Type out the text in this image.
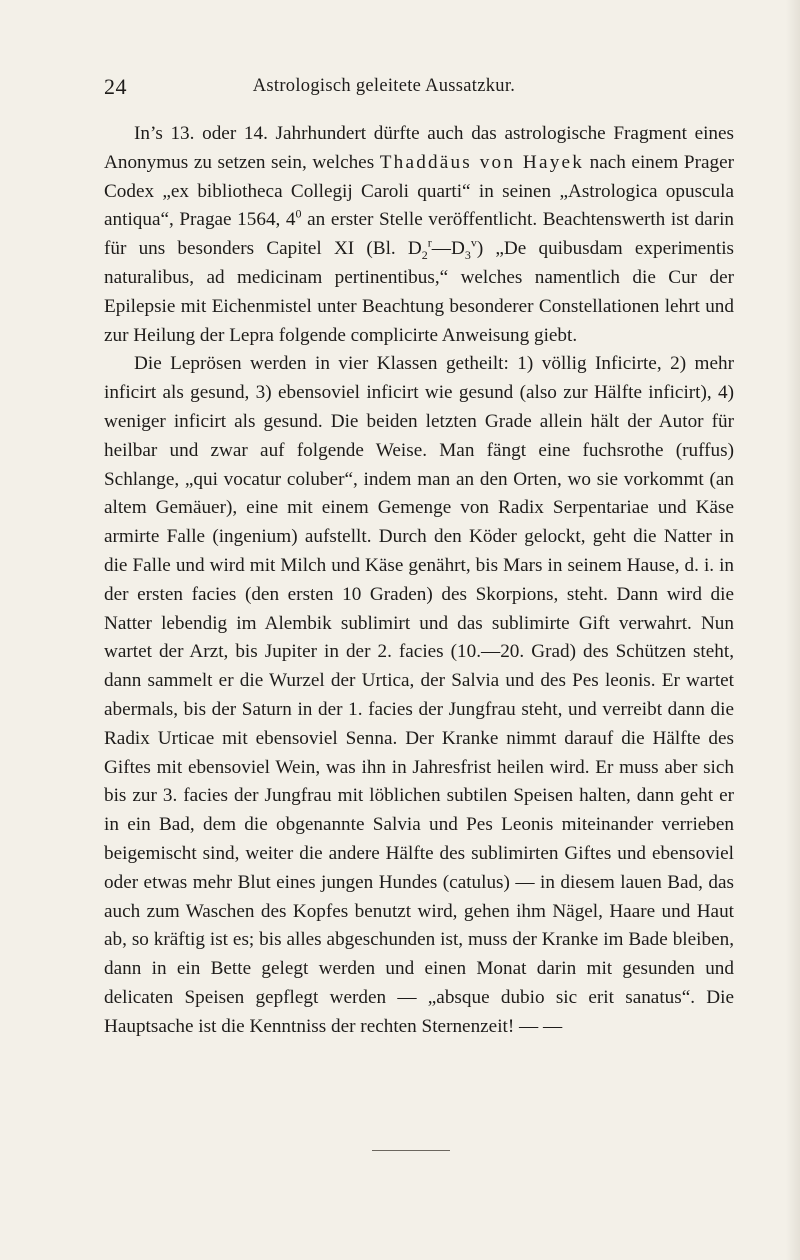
24	Astrologisch geleitete Aussatzkur.

In’s 13. oder 14. Jahrhundert dürfte auch das astrologische Fragment eines Anonymus zu setzen sein, welches Thaddäus von Hayek nach einem Prager Codex „ex bibliotheca Collegij Caroli quarti“ in seinen „Astrologica opuscula antiqua“, Pragae 1564, $4^0$ an erster Stelle veröffentlicht. Beachtenswerth ist darin für uns besonders Capitel XI (Bl. $D_2^r—D_3^v$) „De quibusdam experimentis naturalibus, ad medicinam pertinentibus,“ welches namentlich die Cur der Epilepsie mit Eichenmistel unter Beachtung besonderer Constellationen lehrt und zur Heilung der Lepra folgende complicirte Anweisung giebt.

Die Leprösen werden in vier Klassen getheilt: 1) völlig Inficirte, 2) mehr inficirt als gesund, 3) ebensoviel inficirt wie gesund (also zur Hälfte inficirt), 4) weniger inficirt als gesund. Die beiden letzten Grade allein hält der Autor für heilbar und zwar auf folgende Weise. Man fängt eine fuchsrothe (ruffus) Schlange, „qui vocatur coluber“, indem man an den Orten, wo sie vorkommt (an altem Gemäuer), eine mit einem Gemenge von Radix Serpentariae und Käse armirte Falle (ingenium) aufstellt. Durch den Köder gelockt, geht die Natter in die Falle und wird mit Milch und Käse genährt, bis Mars in seinem Hause, d. i. in der ersten facies (den ersten 10 Graden) des Skorpions, steht. Dann wird die Natter lebendig im Alembik sublimirt und das sublimirte Gift verwahrt. Nun wartet der Arzt, bis Jupiter in der 2. facies (10.—20. Grad) des Schützen steht, dann sammelt er die Wurzel der Urtica, der Salvia und des Pes leonis. Er wartet abermals, bis der Saturn in der 1. facies der Jungfrau steht, und verreibt dann die Radix Urticae mit ebensoviel Senna. Der Kranke nimmt darauf die Hälfte des Giftes mit ebensoviel Wein, was ihn in Jahresfrist heilen wird. Er muss aber sich bis zur 3. facies der Jungfrau mit löblichen subtilen Speisen halten, dann geht er in ein Bad, dem die obgenannte Salvia und Pes Leonis miteinander verrieben beigemischt sind, weiter die andere Hälfte des sublimirten Giftes und ebensoviel oder etwas mehr Blut eines jungen Hundes (catulus) — in diesem lauen Bad, das auch zum Waschen des Kopfes benutzt wird, gehen ihm Nägel, Haare und Haut ab, so kräftig ist es; bis alles abgeschunden ist, muss der Kranke im Bade bleiben, dann in ein Bette gelegt werden und einen Monat darin mit gesunden und delicaten Speisen gepflegt werden — „absque dubio sic erit sanatus“. Die Hauptsache ist die Kenntniss der rechten Sternenzeit! — —
